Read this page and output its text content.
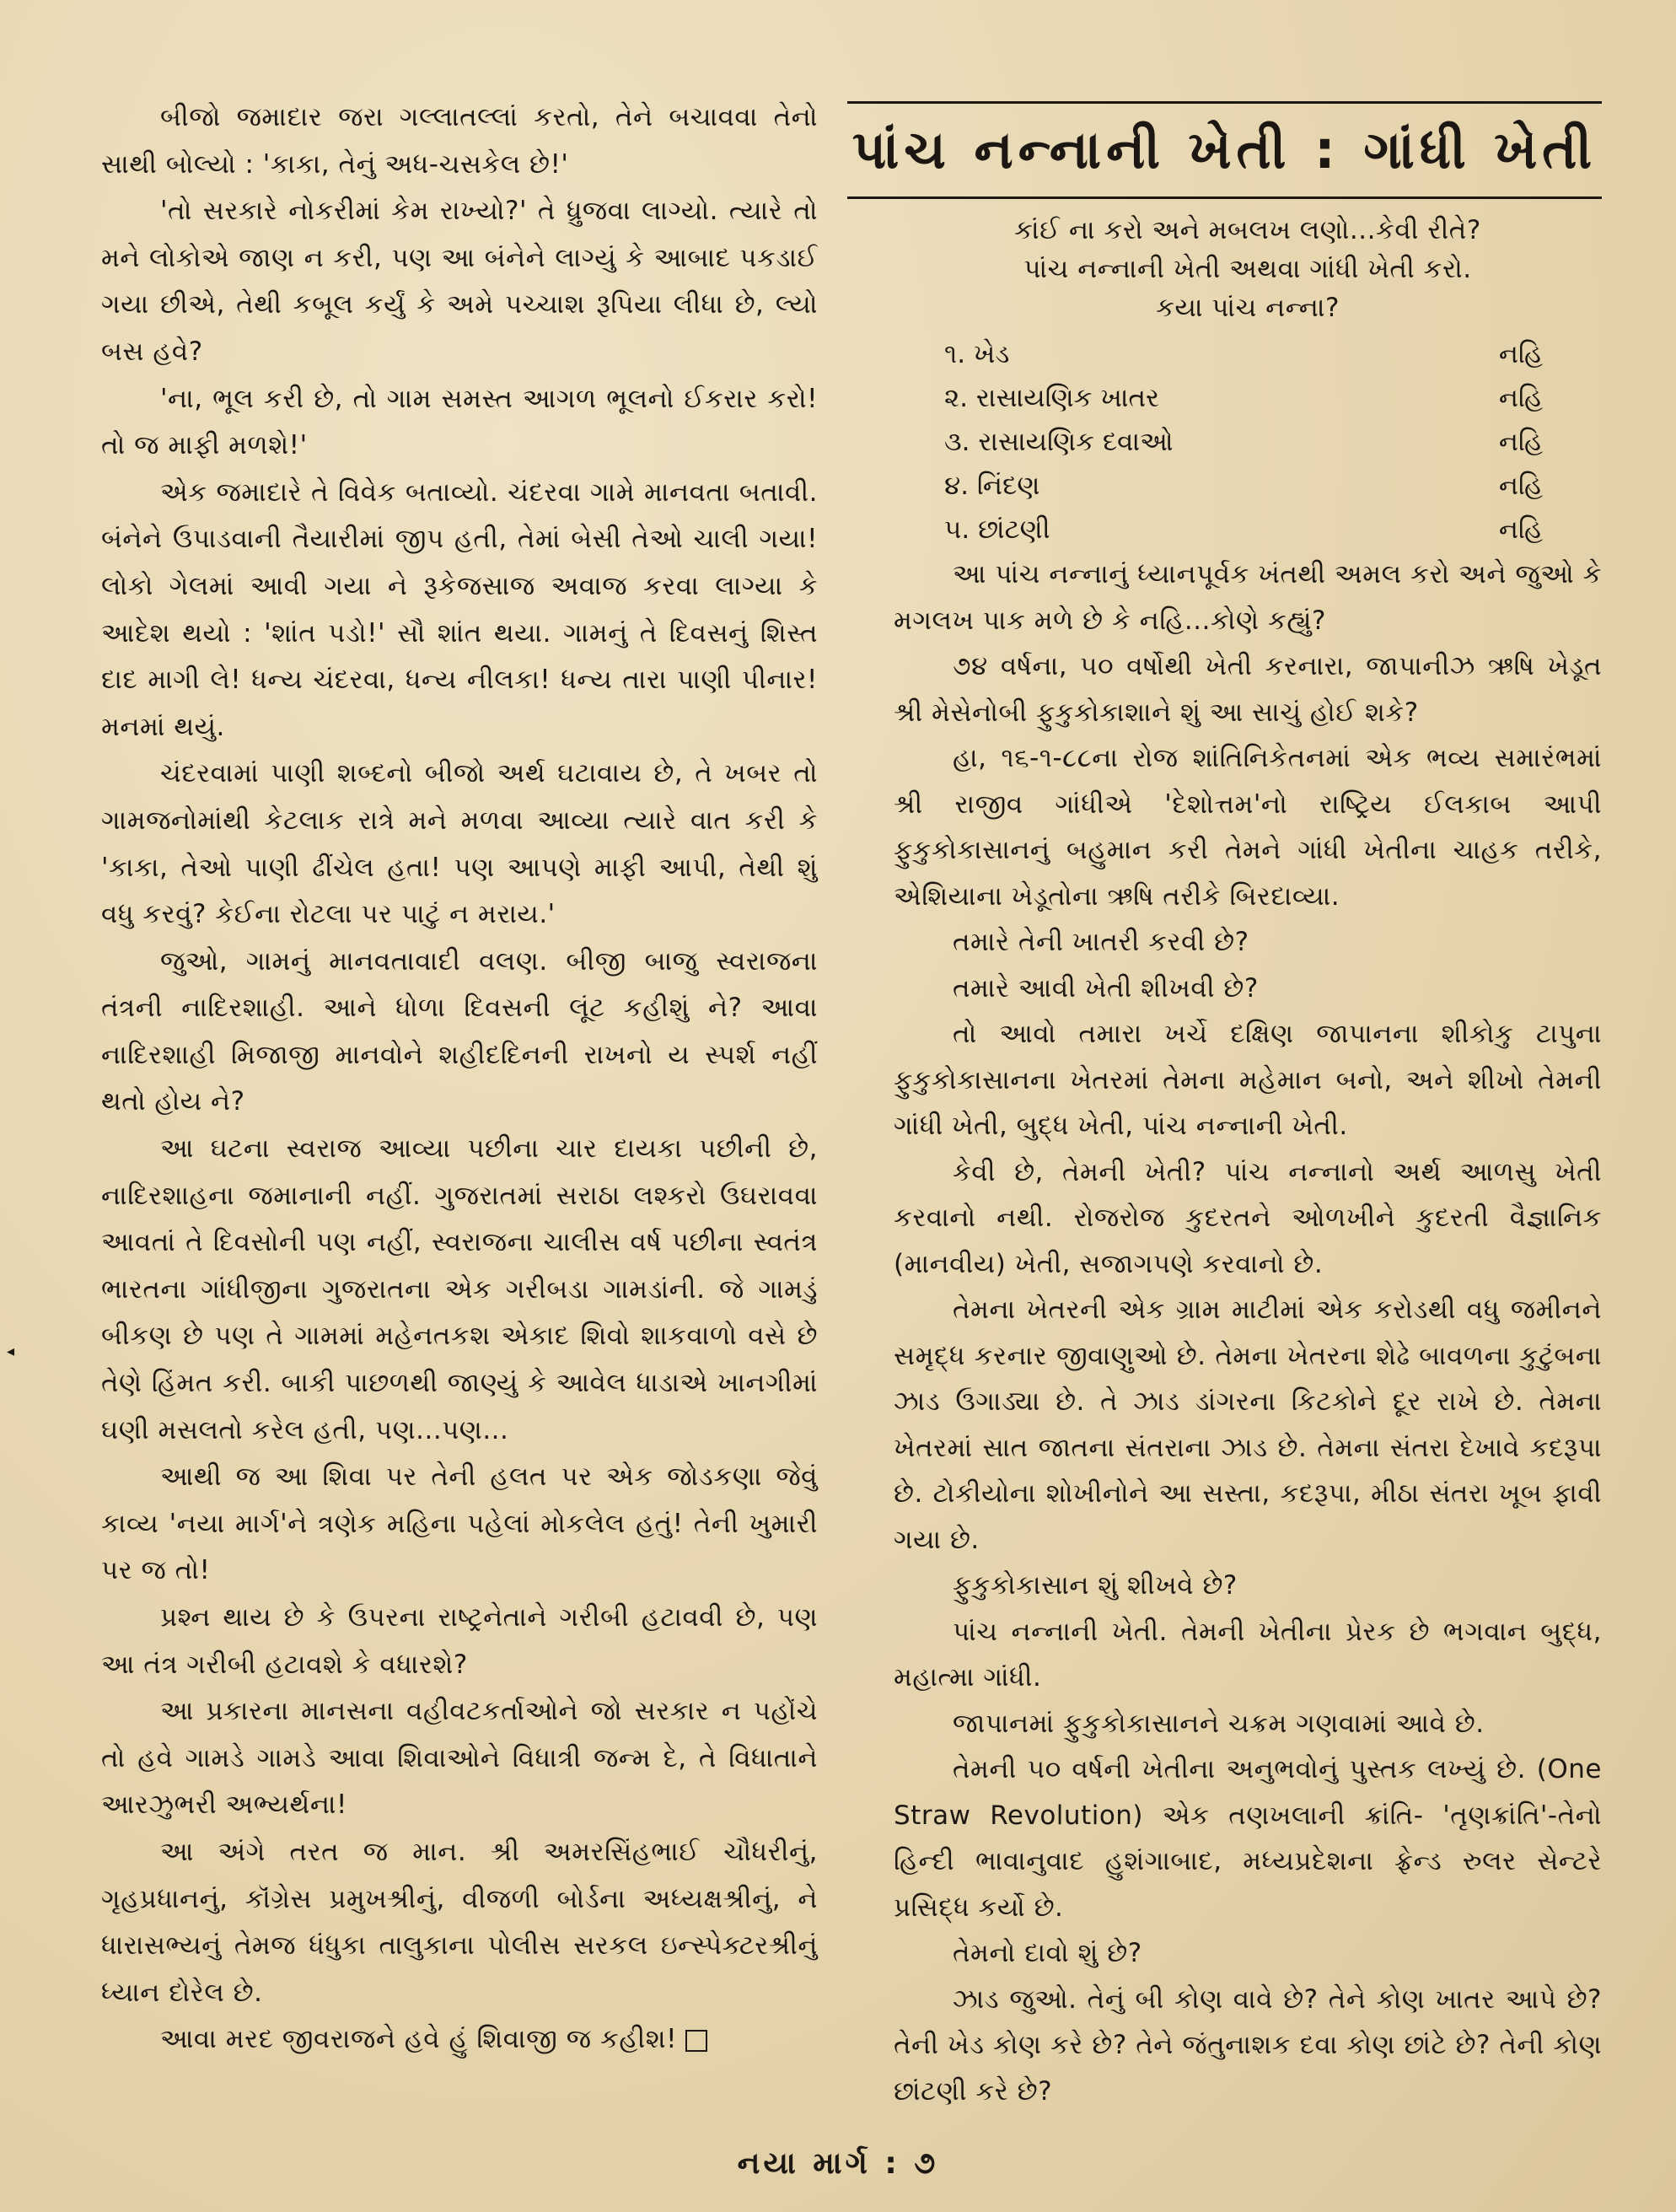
બીજો જમાદાર જરા ગલ્લાતલ્લાં કરતો, તેને બચાવવા તેનો સાથી બોલ્યો : 'કાકા, તેનું અધ-ચસકેલ છે!'

'તો સરકારે નોકરીમાં કેમ રાખ્યો?' તે ધ્રુજવા લાગ્યો. ત્યારે તો મને લોકોએ જાણ ન કરી, પણ આ બંનેને લાગ્યું કે આબાદ પકડાઈ ગયા છીએ, તેથી કબૂલ કર્યું કે અમે પચ્ચાશ રૂપિયા લીધા છે, લ્યો બસ હવે?

'ના, ભૂલ કરી છે, તો ગામ સમસ્ત આગળ ભૂલનો ઈકરાર કરો! તો જ માફી મળશે!'

એક જમાદારે તે વિવેક બતાવ્યો. ચંદરવા ગામે માનવતા બતાવી. બંનેને ઉપાડવાની તૈયારીમાં જીપ હતી, તેમાં બેસી તેઓ ચાલી ગયા! લોકો ગેલમાં આવી ગયા ને રૂકેજસાજ અવાજ કરવા લાગ્યા કે આદેશ થયો : 'શાંત પડો!' સૌ શાંત થયા. ગામનું તે દિવસનું શિસ્ત દાદ માગી લે! ધન્ય ચંદરવા, ધન્ય નીલકા! ધન્ય તારા પાણી પીનાર! મનમાં થયું.

ચંદરવામાં પાણી શબ્દનો બીજો અર્થ ઘટાવાય છે, તે ખબર તો ગામજનોમાંથી કેટલાક રાત્રે મને મળવા આવ્યા ત્યારે વાત કરી કે 'કાકા, તેઓ પાણી ઢીંચેલ હતા! પણ આપણે માફી આપી, તેથી શું વધુ કરવું? કેઈના રોટલા પર પાટું ન મરાય.'

જુઓ, ગામનું માનવતાવાદી વલણ. બીજી બાજુ સ્વરાજના તંત્રની નાદિરશાહી. આને ધોળા દિવસની લૂંટ કહીશું ને? આવા નાદિરશાહી મિજાજી માનવોને શહીદદિનની રાખનો ય સ્પર્શ નહીં થતો હોય ને?

આ ઘટના સ્વરાજ આવ્યા પછીના ચાર દાયકા પછીની છે, નાદિરશાહના જમાનાની નહીં. ગુજરાતમાં સરાઠા લશ્કરો ઉઘરાવવા આવતાં તે દિવસોની પણ નહીં, સ્વરાજના ચાલીસ વર્ષ પછીના સ્વતંત્ર ભારતના ગાંધીજીના ગુજરાતના એક ગરીબડા ગામડાંની. જે ગામડું બીકણ છે પણ તે ગામમાં મહેનતકશ એકાદ શિવો શાકવાળો વસે છે તેણે હિંમત કરી. બાકી પાછળથી જાણ્યું કે આવેલ ધાડાએ ખાનગીમાં ઘણી મસલતો કરેલ હતી, પણ...પણ...

આથી જ આ શિવા પર તેની હલત પર એક જોડકણા જેવું કાવ્ય 'નયા માર્ગ'ને ત્રણેક મહિના પહેલાં મોકલેલ હતું! તેની ખુમારી પર જ તો!

પ્રશ્ન થાય છે કે ઉપરના રાષ્ટ્રનેતાને ગરીબી હટાવવી છે, પણ આ તંત્ર ગરીબી હટાવશે કે વધારશે?

આ પ્રકારના માનસના વહીવટકર્તાઓને જો સરકાર ન પહોંચે તો હવે ગામડે ગામડે આવા શિવાઓને વિધાત્રી જન્મ દે, તે વિધાતાને આરઝુભરી અભ્યર્થના!

આ અંગે તરત જ માન. શ્રી અમરસિંહભાઈ ચૌધરીનું, ગૃહપ્રધાનનું, કૉંગ્રેસ પ્રમુખશ્રીનું, વીજળી બોર્ડના અધ્યક્ષશ્રીનું, ને ધારાસભ્યનું તેમજ ધંધુકા તાલુકાના પોલીસ સરકલ ઇન્સ્પેક્ટરશ્રીનું ધ્યાન દોરેલ છે.

આવા મરદ જીવરાજને હવે હું શિવાજી જ કહીશ!

પાંચ નન્નાની ખેતી : ગાંધી ખેતી

કાંઈ ના કરો અને મબલખ લણો...કેવી રીતે?

પાંચ નન્નાની ખેતી અથવા ગાંધી ખેતી કરો.

કયા પાંચ નન્ના?

૧. ખેડ	નહિ
૨. રાસાયણિક ખાતર	નહિ
૩. રાસાયણિક દવાઓ	નહિ
૪. નિંદણ	નહિ
૫. છાંટણી	નહિ

આ પાંચ નન્નાનું ધ્યાનપૂર્વક ખંતથી અમલ કરો અને જુઓ કે મગલખ પાક મળે છે કે નહિ...કોણે કહ્યું?

૭૪ વર્ષના, ૫૦ વર્ષોથી ખેતી કરનારા, જાપાનીઝ ઋષિ ખેડૂત શ્રી મેસેનોબી ફુકુકોકાશાને શું આ સાચું હોઈ શકે?

હા, ૧૬-૧-૮૮ના રોજ શાંતિનિકેતનમાં એક ભવ્ય સમારંભમાં શ્રી રાજીવ ગાંધીએ 'દેશોત્તમ'નો રાષ્ટ્રિય ઈલકાબ આપી ફુકુકોકાસાનનું બહુમાન કરી તેમને ગાંધી ખેતીના ચાહક તરીકે, એશિયાના ખેડૂતોના ઋષિ તરીકે બિરદાવ્યા.

તમારે તેની ખાતરી કરવી છે?

તમારે આવી ખેતી શીખવી છે?

તો આવો તમારા ખર્ચે દક્ષિણ જાપાનના શીકોકુ ટાપુના ફુકુકોકાસાનના ખેતરમાં તેમના મહેમાન બનો, અને શીખો તેમની ગાંધી ખેતી, બુદ્ધ ખેતી, પાંચ નન્નાની ખેતી.

કેવી છે, તેમની ખેતી? પાંચ નન્નાનો અર્થ આળસુ ખેતી કરવાનો નથી. રોજરોજ કુદરતને ઓળખીને કુદરતી વૈજ્ઞાનિક (માનવીય) ખેતી, સજાગપણે કરવાનો છે.

તેમના ખેતરની એક ગ્રામ માટીમાં એક કરોડથી વધુ જમીનને સમૃદ્ધ કરનાર જીવાણુઓ છે. તેમના ખેતરના શેઢે બાવળના કુટુંબના ઝાડ ઉગાડ્યા છે. તે ઝાડ ડાંગરના કિટકોને દૂર રાખે છે. તેમના ખેતરમાં સાત જાતના સંતરાના ઝાડ છે. તેમના સંતરા દેખાવે કદરૂપા છે. ટોકીયોના શોખીનોને આ સસ્તા, કદરૂપા, મીઠા સંતરા ખૂબ ફાવી ગયા છે.

ફુકુકોકાસાન શું શીખવે છે?

પાંચ નન્નાની ખેતી. તેમની ખેતીના પ્રેરક છે ભગવાન બુદ્ધ, મહાત્મા ગાંધી.

જાપાનમાં ફુકુકોકાસાનને ચક્રમ ગણવામાં આવે છે.

તેમની ૫૦ વર્ષની ખેતીના અનુભવોનું પુસ્તક લખ્યું છે. (One Straw Revolution) એક તણખલાની ક્રાંતિ- 'તૃણક્રાંતિ'-તેનો હિન્દી ભાવાનુવાદ હુશંગાબાદ, મધ્યપ્રદેશના ફ્રેન્ડ રુલર સેન્ટરે પ્રસિદ્ધ કર્યો છે.

તેમનો દાવો શું છે?

ઝાડ જુઓ. તેનું બી કોણ વાવે છે? તેને કોણ ખાતર આપે છે? તેની ખેડ કોણ કરે છે? તેને જંતુનાશક દવા કોણ છાંટે છે? તેની કોણ છાંટણી કરે છે?

◂
નયા માર્ગ : ૭
